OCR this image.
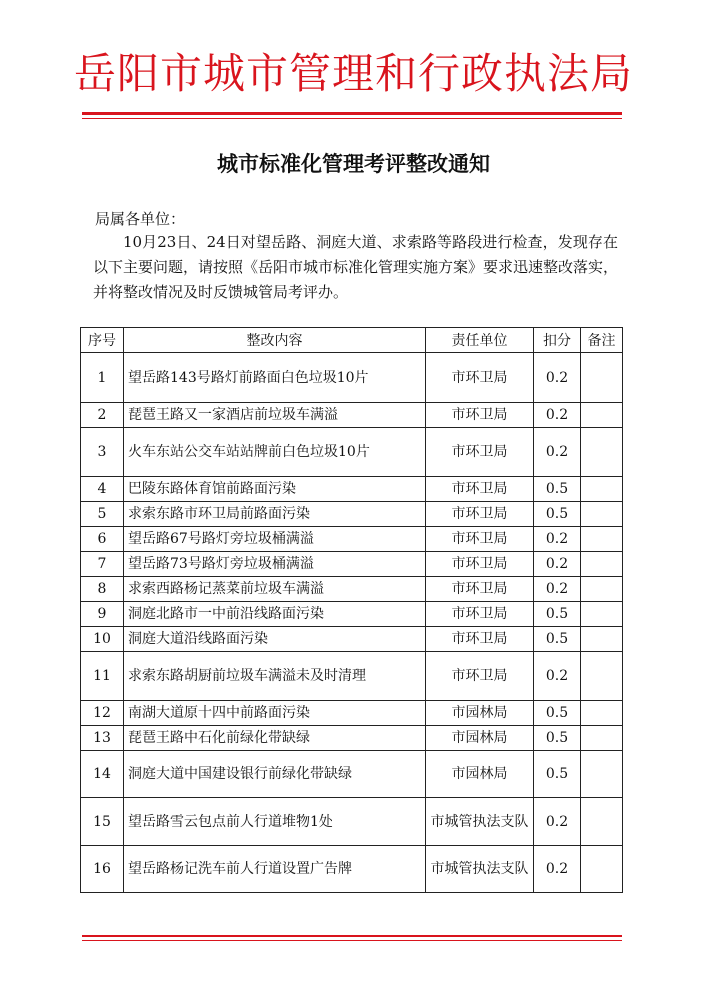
岳阳市城市管理和行政执法局
城市标准化管理考评整改通知
局属各单位：
10月23日、24日对望岳路、洞庭大道、求索路等路段进行检查，发现存在以下主要问题，请按照《岳阳市城市标准化管理实施方案》要求迅速整改落实，并将整改情况及时反馈城管局考评办。
序号	整改内容	责任单位	扣分	备注
1	望岳路143号路灯前路面白色垃圾10片	市环卫局	0.2	
2	琵琶王路又一家酒店前垃圾车满溢	市环卫局	0.2	
3	火车东站公交车站站牌前白色垃圾10片	市环卫局	0.2	
4	巴陵东路体育馆前路面污染	市环卫局	0.5	
5	求索东路市环卫局前路面污染	市环卫局	0.5	
6	望岳路67号路灯旁垃圾桶满溢	市环卫局	0.2	
7	望岳路73号路灯旁垃圾桶满溢	市环卫局	0.2	
8	求索西路杨记蒸菜前垃圾车满溢	市环卫局	0.2	
9	洞庭北路市一中前沿线路面污染	市环卫局	0.5	
10	洞庭大道沿线路面污染	市环卫局	0.5	
11	求索东路胡厨前垃圾车满溢未及时清理	市环卫局	0.2	
12	南湖大道原十四中前路面污染	市园林局	0.5	
13	琵琶王路中石化前绿化带缺绿	市园林局	0.5	
14	洞庭大道中国建设银行前绿化带缺绿	市园林局	0.5	
15	望岳路雪云包点前人行道堆物1处	市城管执法支队	0.2	
16	望岳路杨记洗车前人行道设置广告牌	市城管执法支队	0.2	
